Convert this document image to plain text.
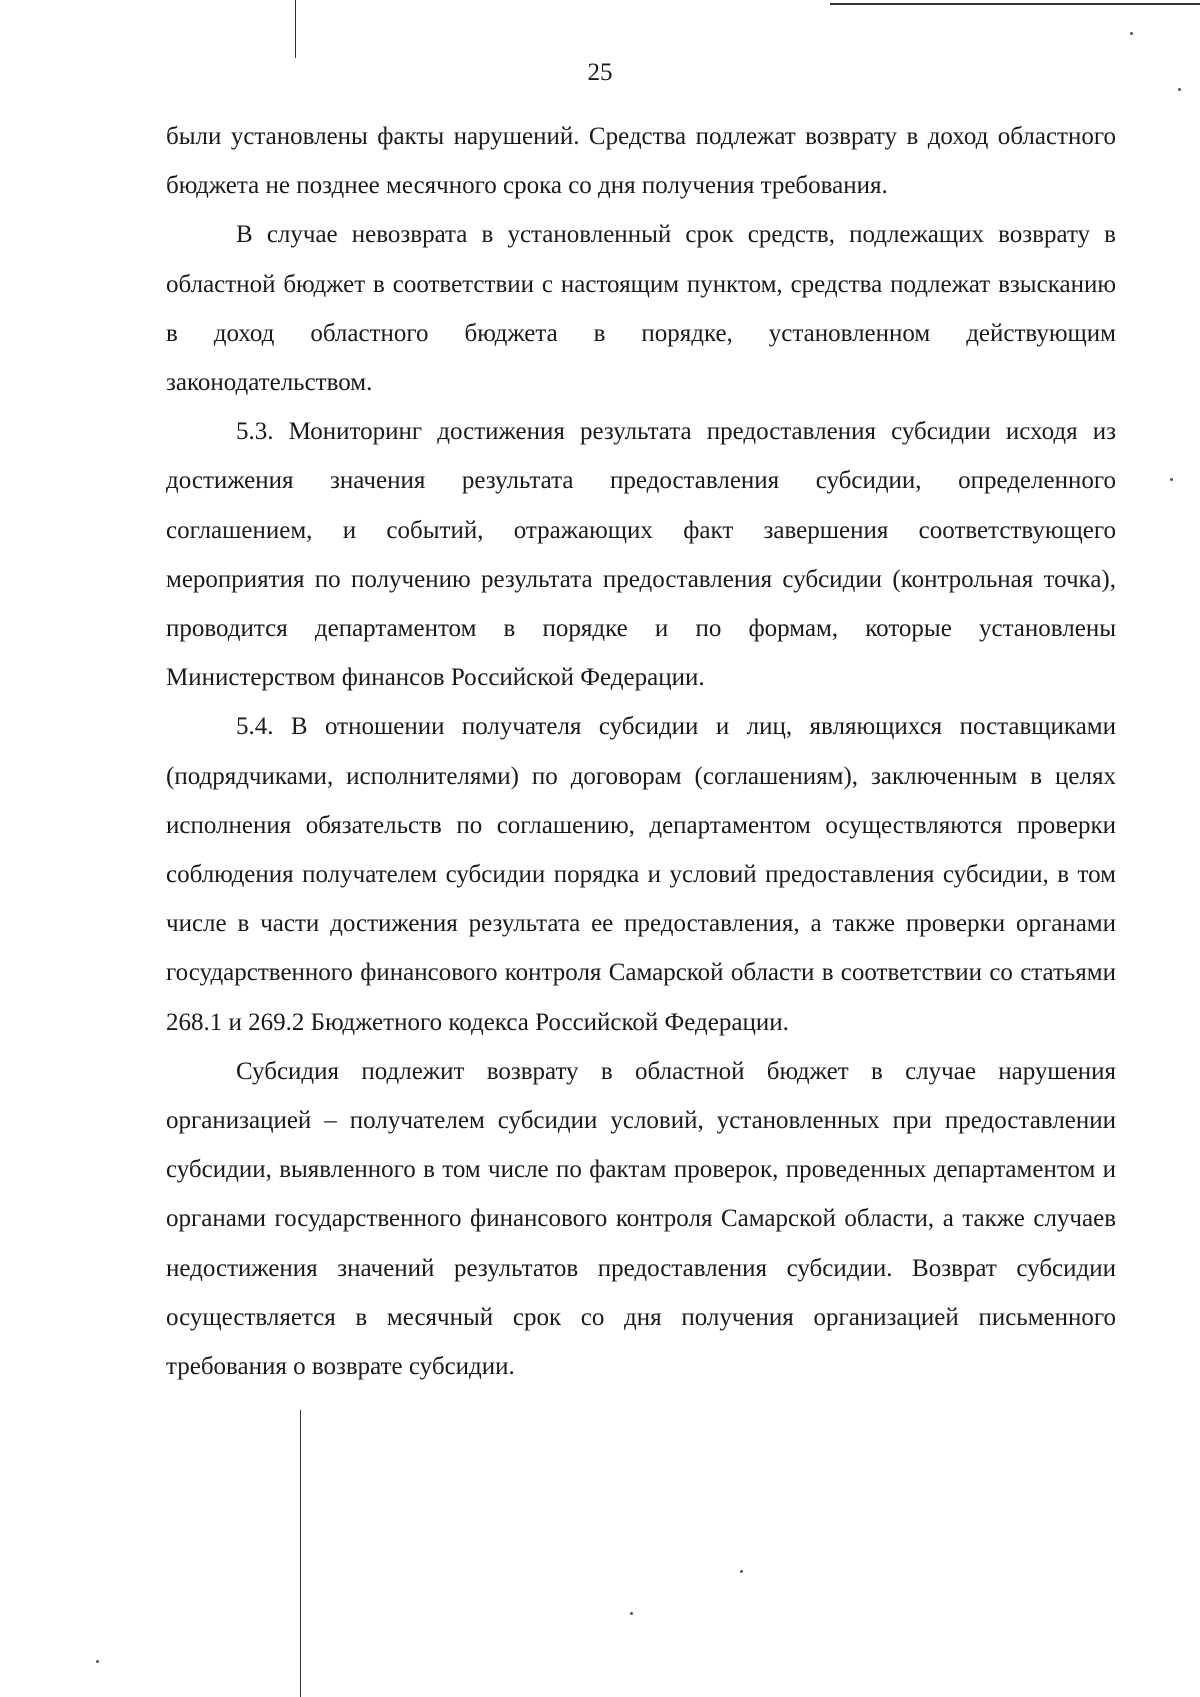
25

были установлены факты нарушений. Средства подлежат возврату в доход областного бюджета не позднее месячного срока со дня получения требования.

В случае невозврата в установленный срок средств, подлежащих возврату в областной бюджет в соответствии с настоящим пунктом, средства подлежат взысканию в доход областного бюджета в порядке, установленном действующим законодательством.

5.3. Мониторинг достижения результата предоставления субсидии исходя из достижения значения результата предоставления субсидии, определенного соглашением, и событий, отражающих факт завершения соответствующего мероприятия по получению результата предоставления субсидии (контрольная точка), проводится департаментом в порядке и по формам, которые установлены Министерством финансов Российской Федерации.

5.4. В отношении получателя субсидии и лиц, являющихся поставщиками (подрядчиками, исполнителями) по договорам (соглашениям), заключенным в целях исполнения обязательств по соглашению, департаментом осуществляются проверки соблюдения получателем субсидии порядка и условий предоставления субсидии, в том числе в части достижения результата ее предоставления, а также проверки органами государственного финансового контроля Самарской области в соответствии со статьями 268.1 и 269.2 Бюджетного кодекса Российской Федерации.

Субсидия подлежит возврату в областной бюджет в случае нарушения организацией – получателем субсидии условий, установленных при предоставлении субсидии, выявленного в том числе по фактам проверок, проведенных департаментом и органами государственного финансового контроля Самарской области, а также случаев недостижения значений результатов предоставления субсидии. Возврат субсидии осуществляется в месячный срок со дня получения организацией письменного требования о возврате субсидии.
